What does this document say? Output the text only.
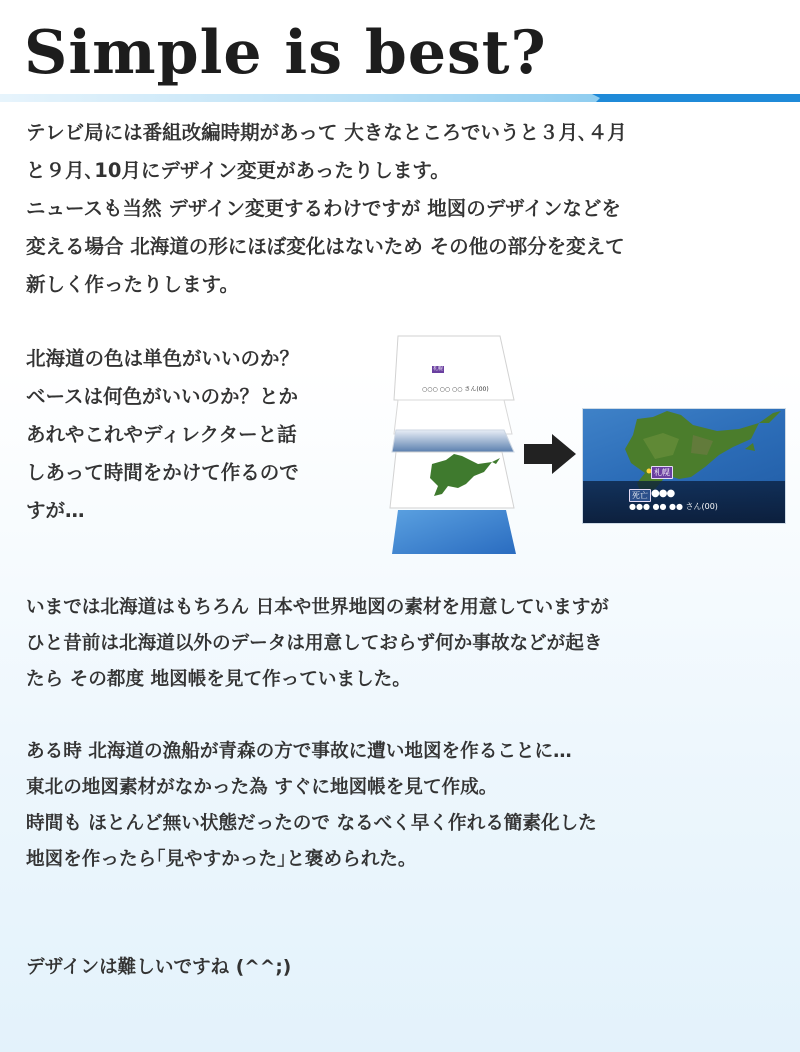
Simple is best?
テレビ局には番組改編時期があって 大きなところでいうと３月､４月
と９月､10月にデザイン変更があったりします。
ニュースも当然 デザイン変更するわけですが 地図のデザインなどを
変える場合 北海道の形にほぼ変化はないため その他の部分を変えて
新しく作ったりします。
北海道の色は単色がいいのか？
ベースは何色がいいのか？とか
あれやこれやディレクターと話
しあって時間をかけて作るので
すが…
札幌
○○○ ○○ ○○ さん(00)
札幌
死亡 ●●●
●●● ●● ●● さん(00)
いまでは北海道はもちろん 日本や世界地図の素材を用意していますが
ひと昔前は北海道以外のデータは用意しておらず何か事故などが起き
たら その都度 地図帳を見て作っていました。
ある時 北海道の漁船が青森の方で事故に遭い地図を作ることに…
東北の地図素材がなかった為 すぐに地図帳を見て作成。
時間も ほとんど無い状態だったので なるべく早く作れる簡素化した
地図を作ったら｢見やすかった｣と褒められた。
デザインは難しいですね (^^;)
